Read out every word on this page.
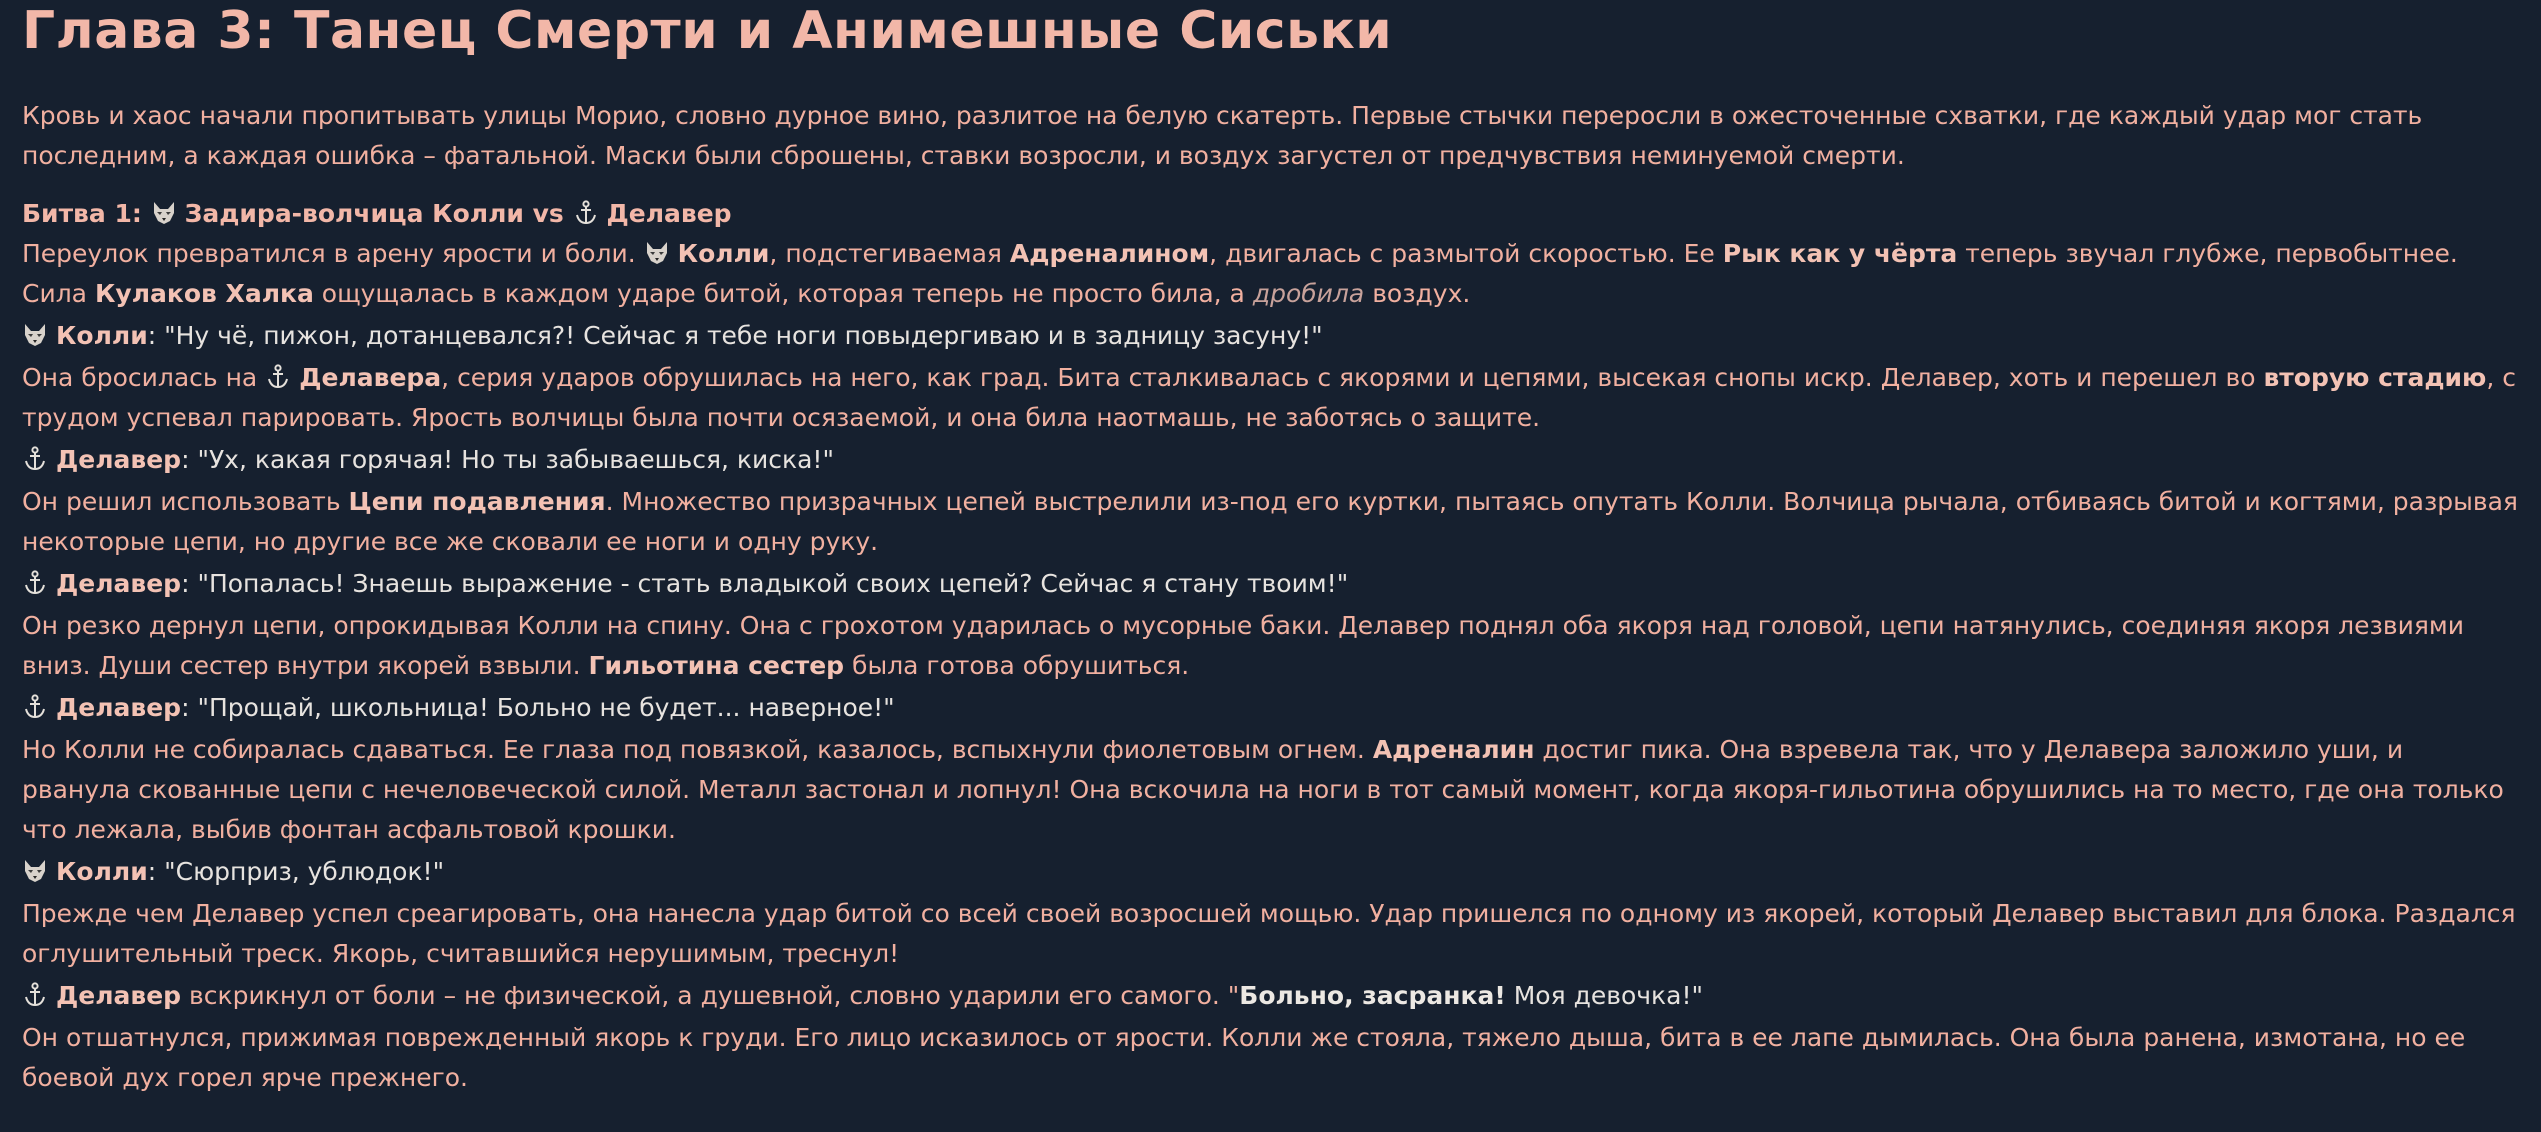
Глава 3: Танец Смерти и Анимешные Сиськи

Кровь и хаос начали пропитывать улицы Морио, словно дурное вино, разлитое на белую скатерть. Первые стычки переросли в ожесточенные схватки, где каждый удар мог стать последним, а каждая ошибка – фатальной. Маски были сброшены, ставки возросли, и воздух загустел от предчувствия неминуемой смерти.

Битва 1: Задира-волчица Колли vs Делавер

Переулок превратился в арену ярости и боли. Колли, подстегиваемая Адреналином, двигалась с размытой скоростью. Ее Рык как у чёрта теперь звучал глубже, первобытнее. Сила Кулаков Халка ощущалась в каждом ударе битой, которая теперь не просто била, а дробила воздух.

Колли: "Ну чё, пижон, дотанцевался?! Сейчас я тебе ноги повыдергиваю и в задницу засуну!"

Она бросилась на Делавера, серия ударов обрушилась на него, как град. Бита сталкивалась с якорями и цепями, высекая снопы искр. Делавер, хоть и перешел во вторую стадию, с трудом успевал парировать. Ярость волчицы была почти осязаемой, и она била наотмашь, не заботясь о защите.

Делавер: "Ух, какая горячая! Но ты забываешься, киска!"

Он решил использовать Цепи подавления. Множество призрачных цепей выстрелили из-под его куртки, пытаясь опутать Колли. Волчица рычала, отбиваясь битой и когтями, разрывая некоторые цепи, но другие все же сковали ее ноги и одну руку.

Делавер: "Попалась! Знаешь выражение - стать владыкой своих цепей? Сейчас я стану твоим!"

Он резко дернул цепи, опрокидывая Колли на спину. Она с грохотом ударилась о мусорные баки. Делавер поднял оба якоря над головой, цепи натянулись, соединяя якоря лезвиями вниз. Души сестер внутри якорей взвыли. Гильотина сестер была готова обрушиться.

Делавер: "Прощай, школьница! Больно не будет... наверное!"

Но Колли не собиралась сдаваться. Ее глаза под повязкой, казалось, вспыхнули фиолетовым огнем. Адреналин достиг пика. Она взревела так, что у Делавера заложило уши, и рванула скованные цепи с нечеловеческой силой. Металл застонал и лопнул! Она вскочила на ноги в тот самый момент, когда якоря-гильотина обрушились на то место, где она только что лежала, выбив фонтан асфальтовой крошки.

Колли: "Сюрприз, ублюдок!"

Прежде чем Делавер успел среагировать, она нанесла удар битой со всей своей возросшей мощью. Удар пришелся по одному из якорей, который Делавер выставил для блока. Раздался оглушительный треск. Якорь, считавшийся нерушимым, треснул!

Делавер вскрикнул от боли – не физической, а душевной, словно ударили его самого. "Больно, засранка! Моя девочка!"

Он отшатнулся, прижимая поврежденный якорь к груди. Его лицо исказилось от ярости. Колли же стояла, тяжело дыша, бита в ее лапе дымилась. Она была ранена, измотана, но ее боевой дух горел ярче прежнего.
